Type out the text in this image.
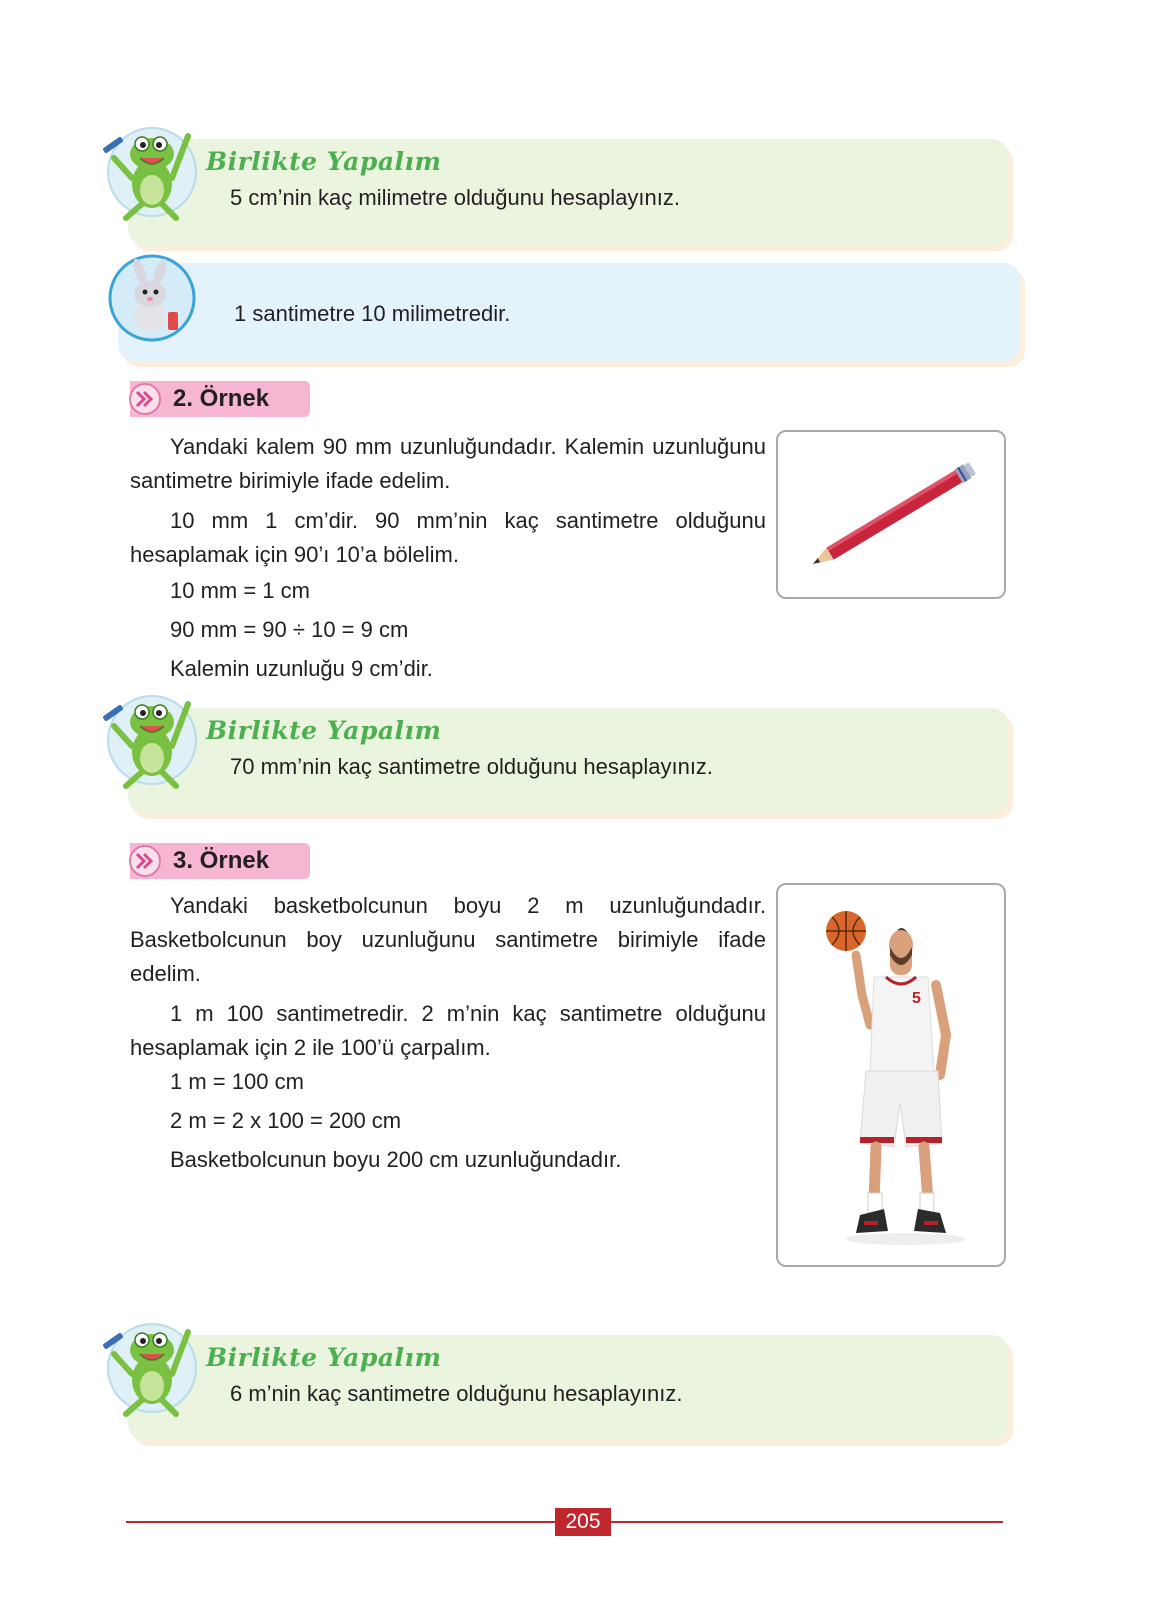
Birlikte Yapalım
5 cm’nin kaç milimetre olduğunu hesaplayınız.
1 santimetre 10 milimetredir.
2. Örnek

Yandaki kalem 90 mm uzunluğundadır. Kalemin uzunluğunu santimetre birimiyle ifade edelim.

10 mm 1 cm’dir. 90 mm’nin kaç santimetre olduğunu hesaplamak için 90’ı 10’a bölelim.

10 mm = 1 cm
90 mm = 90 ÷ 10 = 9 cm
Kalemin uzunluğu 9 cm’dir.
Birlikte Yapalım
70 mm’nin kaç santimetre olduğunu hesaplayınız.
3. Örnek

Yandaki basketbolcunun boyu 2 m uzunluğundadır. Basketbolcunun boy uzunluğunu santimetre birimiyle ifade edelim.

1 m 100 santimetredir. 2 m’nin kaç santimetre olduğunu hesaplamak için 2 ile 100’ü çarpalım.

1 m = 100 cm
2 m = 2 x 100 = 200 cm
Basketbolcunun boyu 200 cm uzunluğundadır.
5
Birlikte Yapalım
6 m’nin kaç santimetre olduğunu hesaplayınız.
205
